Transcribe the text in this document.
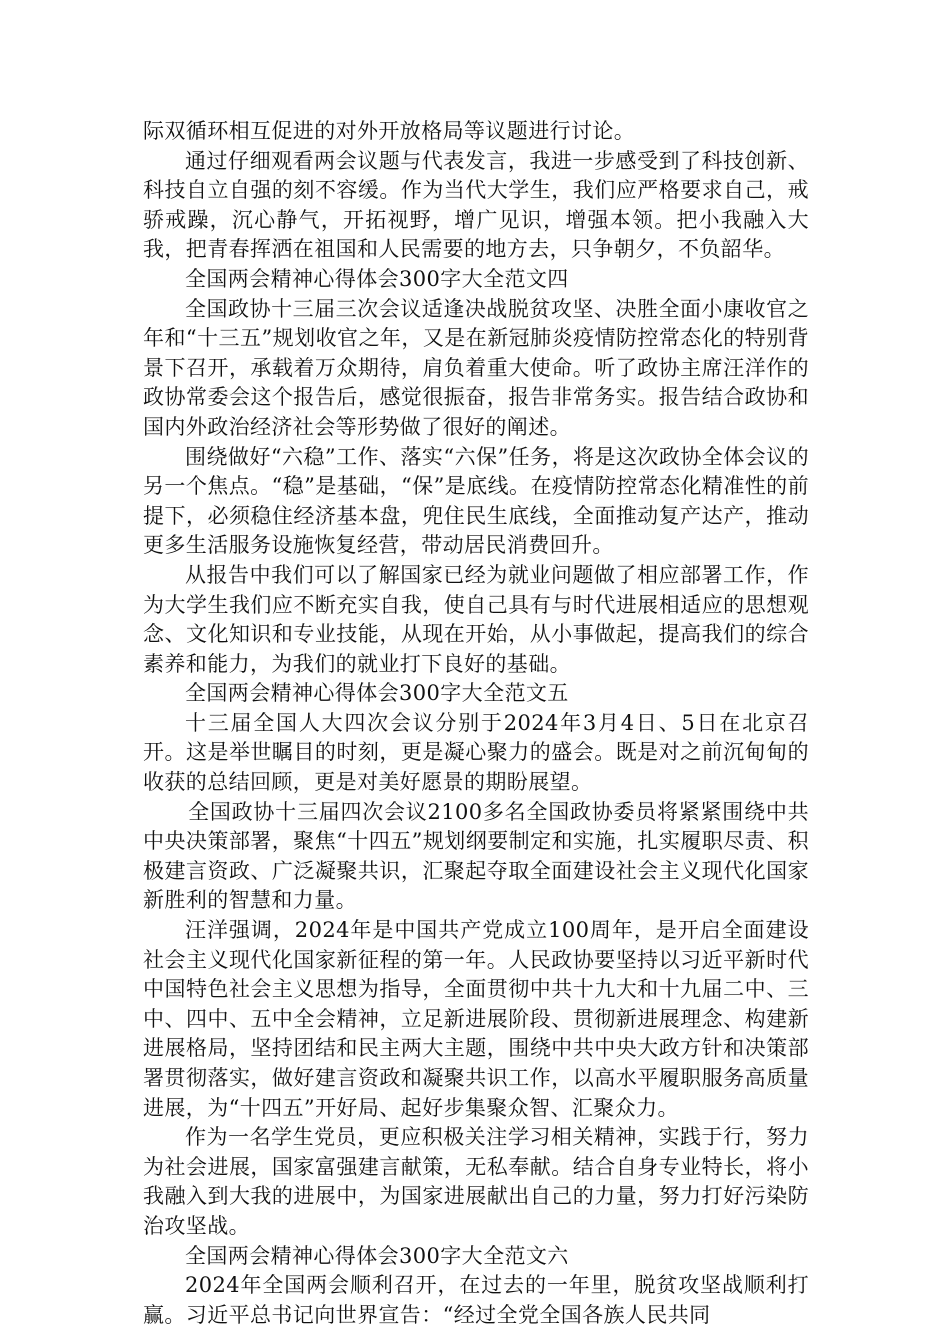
际双循环相互促进的对外开放格局等议题进行讨论。

通过仔细观看两会议题与代表发言，我进一步感受到了科技创新、科技自立自强的刻不容缓。作为当代大学生，我们应严格要求自己，戒骄戒躁，沉心静气，开拓视野，增广见识，增强本领。把小我融入大我，把青春挥洒在祖国和人民需要的地方去，只争朝夕，不负韶华。

全国两会精神心得体会300字大全范文四

全国政协十三届三次会议适逢决战脱贫攻坚、决胜全面小康收官之年和“十三五”规划收官之年，又是在新冠肺炎疫情防控常态化的特别背景下召开，承载着万众期待，肩负着重大使命。听了政协主席汪洋作的政协常委会这个报告后，感觉很振奋，报告非常务实。报告结合政协和国内外政治经济社会等形势做了很好的阐述。

围绕做好“六稳”工作、落实“六保”任务，将是这次政协全体会议的另一个焦点。“稳”是基础，“保”是底线。在疫情防控常态化精准性的前提下，必须稳住经济基本盘，兜住民生底线，全面推动复产达产，推动更多生活服务设施恢复经营，带动居民消费回升。

从报告中我们可以了解国家已经为就业问题做了相应部署工作，作为大学生我们应不断充实自我，使自己具有与时代进展相适应的思想观念、文化知识和专业技能，从现在开始，从小事做起，提高我们的综合素养和能力，为我们的就业打下良好的基础。

全国两会精神心得体会300字大全范文五

十三届全国人大四次会议分别于2024年3月4日、5日在北京召开。这是举世瞩目的时刻，更是凝心聚力的盛会。既是对之前沉甸甸的收获的总结回顾，更是对美好愿景的期盼展望。

全国政协十三届四次会议2100多名全国政协委员将紧紧围绕中共中央决策部署，聚焦“十四五”规划纲要制定和实施，扎实履职尽责、积极建言资政、广泛凝聚共识，汇聚起夺取全面建设社会主义现代化国家新胜利的智慧和力量。

汪洋强调，2024年是中国共产党成立100周年，是开启全面建设社会主义现代化国家新征程的第一年。人民政协要坚持以习近平新时代中国特色社会主义思想为指导，全面贯彻中共十九大和十九届二中、三中、四中、五中全会精神，立足新进展阶段、贯彻新进展理念、构建新进展格局，坚持团结和民主两大主题，围绕中共中央大政方针和决策部署贯彻落实，做好建言资政和凝聚共识工作，以高水平履职服务高质量进展，为“十四五”开好局、起好步集聚众智、汇聚众力。

作为一名学生党员，更应积极关注学习相关精神，实践于行，努力为社会进展，国家富强建言献策，无私奉献。结合自身专业特长，将小我融入到大我的进展中，为国家进展献出自己的力量，努力打好污染防治攻坚战。

全国两会精神心得体会300字大全范文六

2024年全国两会顺利召开，在过去的一年里，脱贫攻坚战顺利打赢。习近平总书记向世界宣告：“经过全党全国各族人民共同
